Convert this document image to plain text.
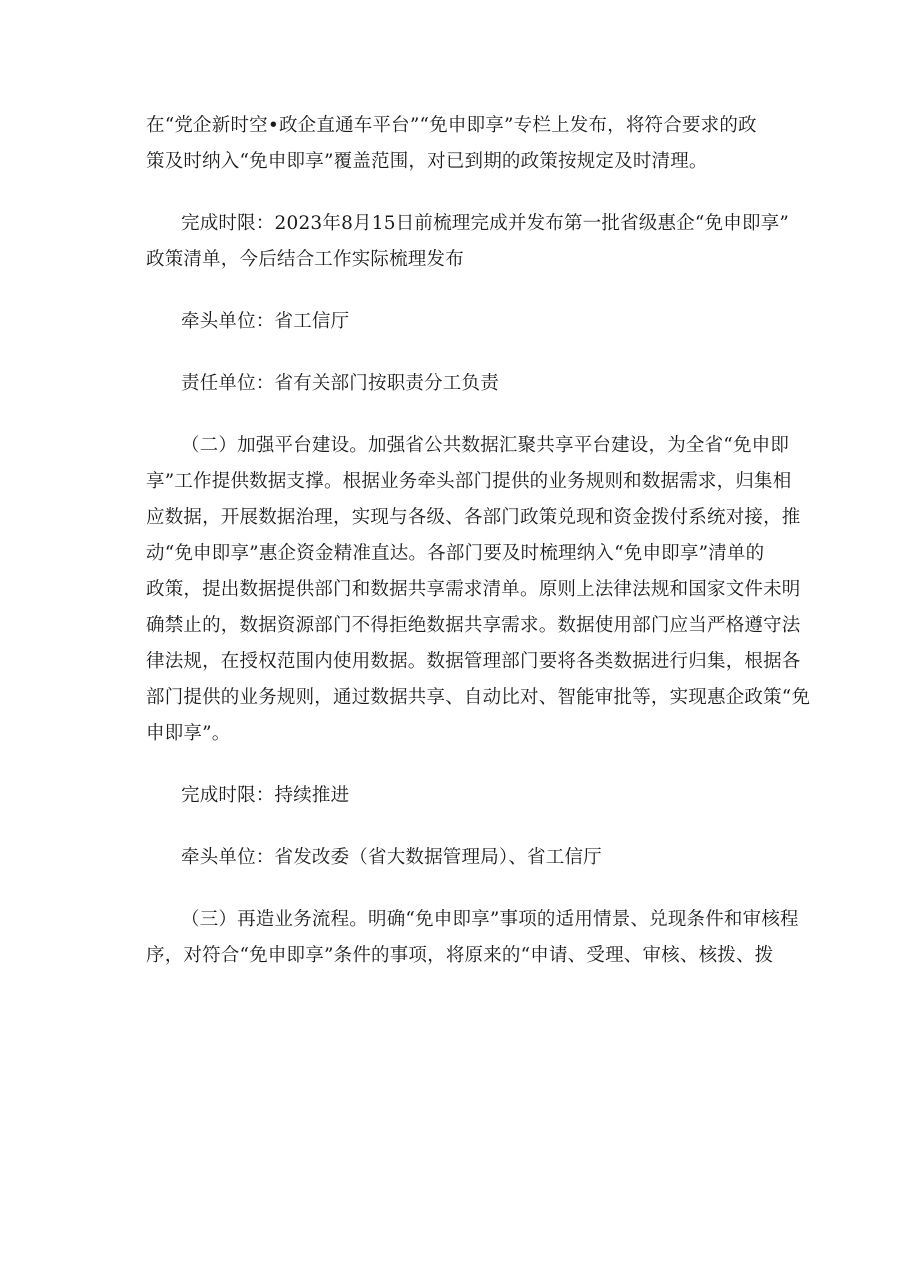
在“党企新时空•政企直通车平台”“免申即享”专栏上发布，将符合要求的政
策及时纳入“免申即享”覆盖范围，对已到期的政策按规定及时清理。

完成时限：2023年8月15日前梳理完成并发布第一批省级惠企“免申即享”
政策清单，今后结合工作实际梳理发布

牵头单位：省工信厅

责任单位：省有关部门按职责分工负责

（二）加强平台建设。加强省公共数据汇聚共享平台建设，为全省“免申即
享”工作提供数据支撑。根据业务牵头部门提供的业务规则和数据需求，归集相
应数据，开展数据治理，实现与各级、各部门政策兑现和资金拨付系统对接，推
动“免申即享”惠企资金精准直达。各部门要及时梳理纳入“免申即享”清单的
政策，提出数据提供部门和数据共享需求清单。原则上法律法规和国家文件未明
确禁止的，数据资源部门不得拒绝数据共享需求。数据使用部门应当严格遵守法
律法规，在授权范围内使用数据。数据管理部门要将各类数据进行归集，根据各
部门提供的业务规则，通过数据共享、自动比对、智能审批等，实现惠企政策“免
申即享”。

完成时限：持续推进

牵头单位：省发改委（省大数据管理局）、省工信厅

（三）再造业务流程。明确“免申即享”事项的适用情景、兑现条件和审核程
序，对符合“免申即享”条件的事项，将原来的“申请、受理、审核、核拨、拨
